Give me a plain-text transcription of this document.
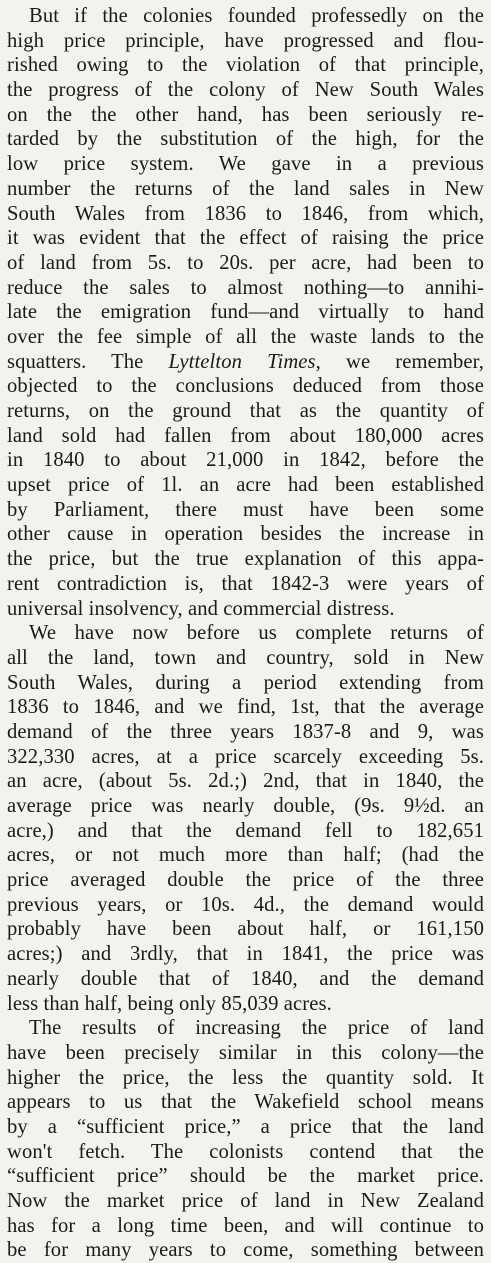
But if the colonies founded professedly on the
high price principle, have progressed and flou-
rished owing to the violation of that principle,
the progress of the colony of New South Wales
on the the other hand, has been seriously re-
tarded by the substitution of the high, for the
low price system. We gave in a previous
number the returns of the land sales in New
South Wales from 1836 to 1846, from which,
it was evident that the effect of raising the price
of land from 5s. to 20s. per acre, had been to
reduce the sales to almost nothing—to annihi-
late the emigration fund—and virtually to hand
over the fee simple of all the waste lands to the
squatters. The Lyttelton Times, we remember,
objected to the conclusions deduced from those
returns, on the ground that as the quantity of
land sold had fallen from about 180,000 acres
in 1840 to about 21,000 in 1842, before the
upset price of 1l. an acre had been established
by Parliament, there must have been some
other cause in operation besides the increase in
the price, but the true explanation of this appa-
rent contradiction is, that 1842-3 were years of
universal insolvency, and commercial distress.
We have now before us complete returns of
all the land, town and country, sold in New
South Wales, during a period extending from
1836 to 1846, and we find, 1st, that the average
demand of the three years 1837-8 and 9, was
322,330 acres, at a price scarcely exceeding 5s.
an acre, (about 5s. 2d.;) 2nd, that in 1840, the
average price was nearly double, (9s. 9½d. an
acre,) and that the demand fell to 182,651
acres, or not much more than half; (had the
price averaged double the price of the three
previous years, or 10s. 4d., the demand would
probably have been about half, or 161,150
acres;) and 3rdly, that in 1841, the price was
nearly double that of 1840, and the demand
less than half, being only 85,039 acres.
The results of increasing the price of land
have been precisely similar in this colony—the
higher the price, the less the quantity sold. It
appears to us that the Wakefield school means
by a “sufficient price,” a price that the land
won't fetch. The colonists contend that the
“sufficient price” should be the market price.
Now the market price of land in New Zealand
has for a long time been, and will continue to
be for many years to come, something between
